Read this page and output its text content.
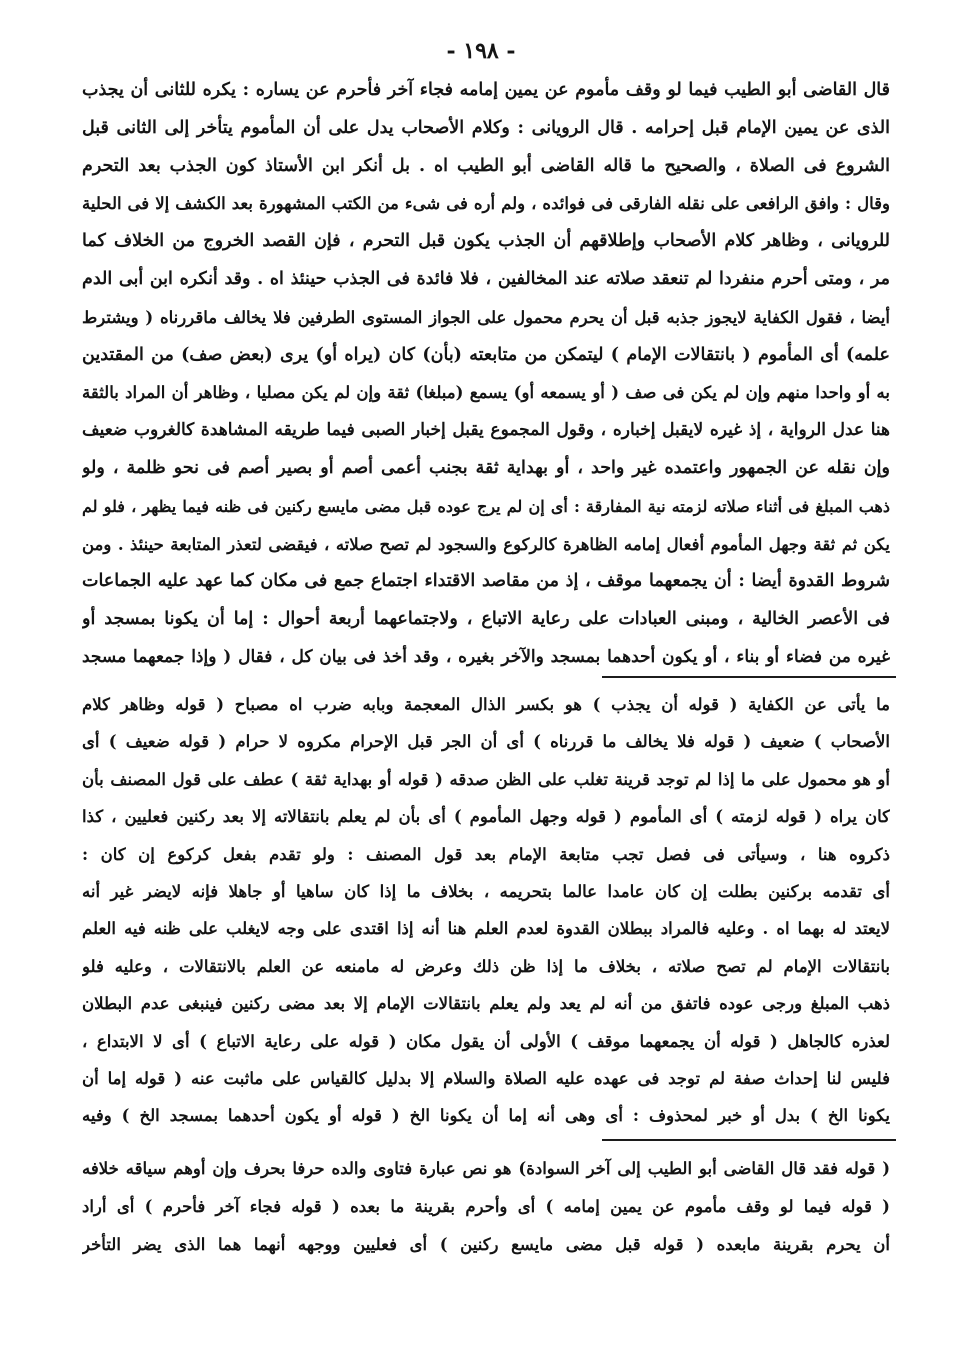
- ١٩٨ -
قال القاضى أبو الطيب فيما لو وقف مأموم عن يمين إمامه فجاء آخر فأحرم عن يساره : يكره للثانى أن يجذب
الذى عن يمين الإمام قبل إحرامه . قال الرويانى : وكلام الأصحاب يدل على أن المأموم يتأخر إلى الثانى قبل
الشروع فى الصلاة ، والصحيح ما قاله القاضى أبو الطيب اه . بل أنكر ابن الأستاذ كون الجذب بعد التحرم
وقال : وافق الرافعى على نقله الفارقى فى فوائده ، ولم أره فى شىء من الكتب المشهورة بعد الكشف إلا فى الحلية
للرويانى ، وظاهر كلام الأصحاب وإطلاقهم أن الجذب يكون قبل التحرم ، فإن القصد الخروج من الخلاف كما
مر ، ومتى أحرم منفردا لم تنعقد صلاته عند المخالفين ، فلا فائدة فى الجذب حينئذ اه . وقد أنكره ابن أبى الدم
أيضا ، فقول الكفاية لايجوز جذبه قبل أن يحرم محمول على الجواز المستوى الطرفين فلا يخالف ماقررناه ( ويشترط
علمه) أى المأموم ( بانتقالات الإمام ) ليتمكن من متابعته (بأن) كان (يراه أو) يرى (بعض صف) من المقتدين
به أو واحدا منهم وإن لم يكن فى صف ( أو يسمعه أو) يسمع (مبلغا) ثقة وإن لم يكن مصليا ، وظاهر أن المراد بالثقة
هنا عدل الرواية ، إذ غيره لايقبل إخباره ، وقول المجموع يقبل إخبار الصبى فيما طريقه المشاهدة كالغروب ضعيف
وإن نقله عن الجمهور واعتمده غير واحد ، أو بهداية ثقة بجنب أعمى أصم أو بصير أصم فى نحو ظلمة ، ولو
ذهب المبلغ فى أثناء صلاته لزمته نية المفارقة : أى إن لم يرج عوده قبل مضى مايسع ركنين فى ظنه فيما يظهر ، فلو لم
يكن ثم ثقة وجهل المأموم أفعال إمامه الظاهرة كالركوع والسجود لم تصح صلاته ، فيقضى لتعذر المتابعة حينئذ . ومن
شروط القدوة أيضا : أن يجمعهما موقف ، إذ من مقاصد الاقتداء اجتماع جمع فى مكان كما عهد عليه الجماعات
فى الأعصر الخالية ، ومبنى العبادات على رعاية الاتباع ، ولاجتماعهما أربعة أحوال : إما أن يكونا بمسجد أو
غيره من فضاء أو بناء ، أو يكون أحدهما بمسجد والآخر بغيره ، وقد أخذ فى بيان كل ، فقال ( وإذا جمعهما مسجد
ما يأتى عن الكفاية ( قوله أن يجذب ) هو بكسر الذال المعجمة وبابه ضرب اه مصباح ( قوله وظاهر كلام
الأصحاب ) ضعيف ( قوله فلا يخالف ما قررناه ) أى أن الجر قبل الإحرام مكروه لا حرام ( قوله ضعيف ) أى
أو هو محمول على ما إذا لم توجد قرينة تغلب على الظن صدقه ( قوله أو بهداية ثقة ) عطف على قول المصنف بأن
كان يراه ( قوله لزمته ) أى المأموم ( قوله وجهل المأموم ) أى بأن لم يعلم بانتقالاته إلا بعد ركنين فعليين ، كذا
ذكروه هنا ، وسيأتى فى فصل تجب متابعة الإمام بعد قول المصنف : ولو تقدم بفعل كركوع إن كان :
أى تقدمه بركنين بطلت إن كان عامدا عالما بتحريمه ، بخلاف ما إذا كان ساهيا أو جاهلا فإنه لايضر غير أنه
لايعتد له بهما اه . وعليه فالمراد ببطلان القدوة لعدم العلم هنا أنه إذا اقتدى على وجه لايغلب على ظنه فيه العلم
بانتقالات الإمام لم تصح صلاته ، بخلاف ما إذا ظن ذلك وعرض له مامنعه عن العلم بالانتقالات ، وعليه فلو
ذهب المبلغ ورجى عوده فاتفق من أنه لم يعد ولم يعلم بانتقالات الإمام إلا بعد مضى ركنين فينبغى عدم البطلان
لعذره كالجاهل ( قوله أن يجمعهما موقف ) الأولى أن يقول مكان ( قوله على رعاية الاتباع ) أى لا الابتداع ،
فليس لنا إحداث صفة لم توجد فى عهده عليه الصلاة والسلام إلا بدليل كالقياس على ماثبت عنه ( قوله إما أن
يكونا الخ ) بدل أو خبر لمحذوف : أى وهى أنه إما أن يكونا الخ ( قوله أو يكون أحدهما بمسجد الخ ) وفيه
( قوله فقد قال القاضى أبو الطيب إلى آخر السوادة) هو نص عبارة فتاوى والده حرفا بحرف وإن أوهم سياقه خلافه
( قوله فيما لو وقف مأموم عن يمين إمامه ) أى وأحرم بقرينة ما بعده ( قوله فجاء آخر فأحرم ) أى أراد
أن يحرم بقرينة مابعده ( قوله قبل مضى مايسع ركنين ) أى فعليين ووجهه أنهما هما الذى يضر التأخر
